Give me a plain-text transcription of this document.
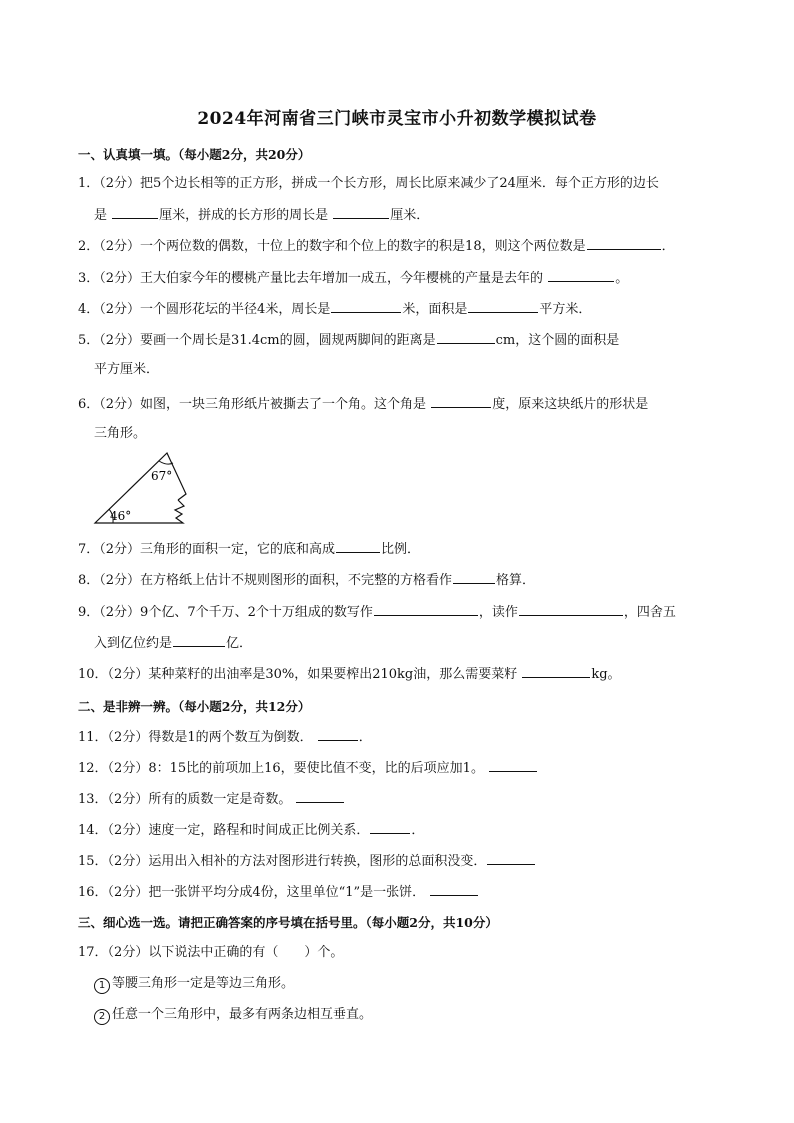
2024年河南省三门峡市灵宝市小升初数学模拟试卷
一、认真填一填。（每小题2分，共20分）
1．（2分）把5个边长相等的正方形，拼成一个长方形，周长比原来减少了24厘米．每个正方形的边长
是	厘米，拼成的长方形的周长是	厘米．
2．（2分）一个两位数的偶数，十位上的数字和个位上的数字的积是18，则这个两位数是	．
3．（2分）王大伯家今年的樱桃产量比去年增加一成五，今年樱桃的产量是去年的	。
4．（2分）一个圆形花坛的半径4米，周长是	米，面积是	平方米．
5．（2分）要画一个周长是31.4cm的圆，圆规两脚间的距离是	cm，这个圆的面积是
平方厘米．
6．（2分）如图，一块三角形纸片被撕去了一个角。这个角是	度，原来这块纸片的形状是
三角形。
67°
46°
7．（2分）三角形的面积一定，它的底和高成	比例．
8．（2分）在方格纸上估计不规则图形的面积，不完整的方格看作	格算．
9．（2分）9个亿、7个千万、2个十万组成的数写作	，读作	，四舍五
入到亿位约是	亿．
10．（2分）某种菜籽的出油率是30%，如果要榨出210kg油，那么需要菜籽	kg。
二、是非辨一辨。（每小题2分，共12分）
11．（2分）得数是1的两个数互为倒数．	．
12．（2分）8：15比的前项加上16，要使比值不变，比的后项应加1。
13．（2分）所有的质数一定是奇数。
14．（2分）速度一定，路程和时间成正比例关系．	．
15．（2分）运用出入相补的方法对图形进行转换，图形的总面积没变．
16．（2分）把一张饼平均分成4份，这里单位“1”是一张饼．
三、细心选一选。请把正确答案的序号填在括号里。（每小题2分，共10分）
17．（2分）以下说法中正确的有（　　）个。
1 等腰三角形一定是等边三角形。
2 任意一个三角形中，最多有两条边相互垂直。
